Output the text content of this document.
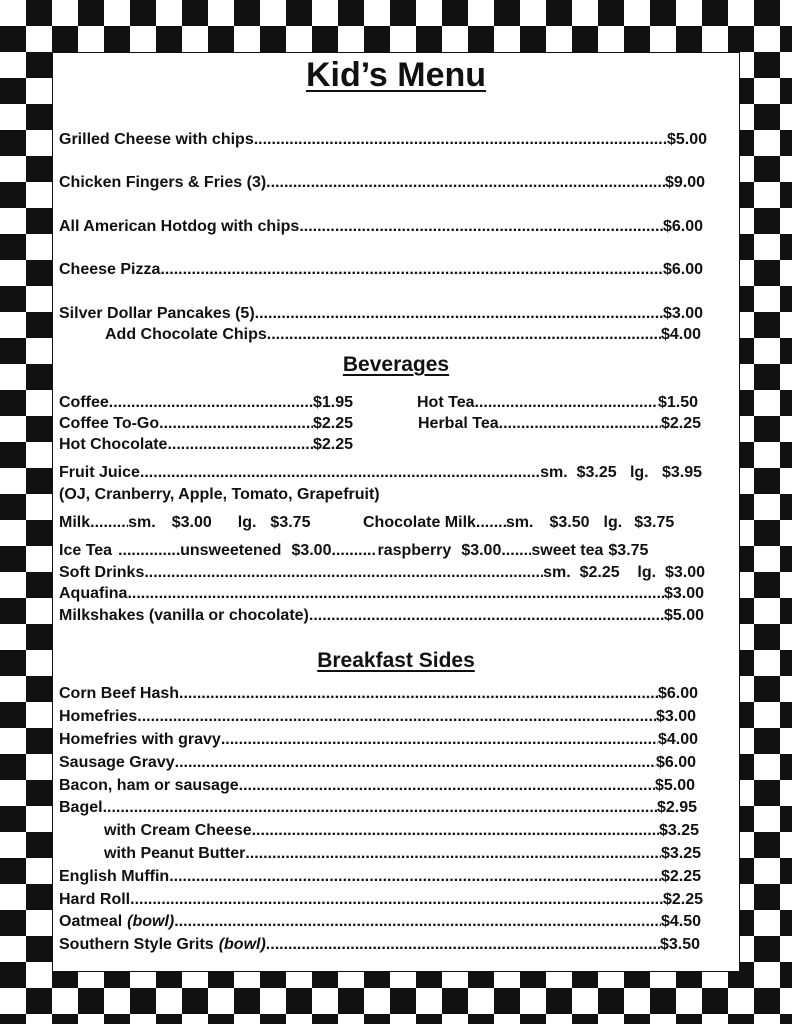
Kid’s Menu
Grilled Cheese with chips .....	$5.00
Chicken Fingers & Fries (3) .....	$9.00
All American Hotdog with chips .....	$6.00
Cheese Pizza .....	$6.00
Silver Dollar Pancakes (5) .....	$3.00
Add Chocolate Chips .....	$4.00
Beverages
Coffee .....	$1.95
Coffee To-Go .....	$2.25
Hot Chocolate .....	$2.25
Hot Tea .....	$1.50
Herbal Tea .....	$2.25
Fruit Juice .....	sm.  $3.25   lg.   $3.95
(OJ, Cranberry, Apple, Tomato, Grapefruit)
Milk ..... sm. $3.00 lg. $3.75	Chocolate Milk ..... sm. $3.50 lg. $3.75
Ice Tea .....	unsweetened $3.00 .....	raspberry $3.00 ..... sweet tea $3.75
Soft Drinks .....	sm.  $2.25    lg.  $3.00
Aquafina .....	$3.00
Milkshakes (vanilla or chocolate) .....	$5.00
Breakfast Sides
Corn Beef Hash .....	$6.00
Homefries .....	$3.00
Homefries with gravy .....	$4.00
Sausage Gravy .....	$6.00
Bacon, ham or sausage .....	$5.00
Bagel .....	$2.95
with Cream Cheese .....	$3.25
with Peanut Butter .....	$3.25
English Muffin .....	$2.25
Hard Roll .....	$2.25
Oatmeal (bowl) .....	$4.50
Southern Style Grits (bowl) .....	$3.50
